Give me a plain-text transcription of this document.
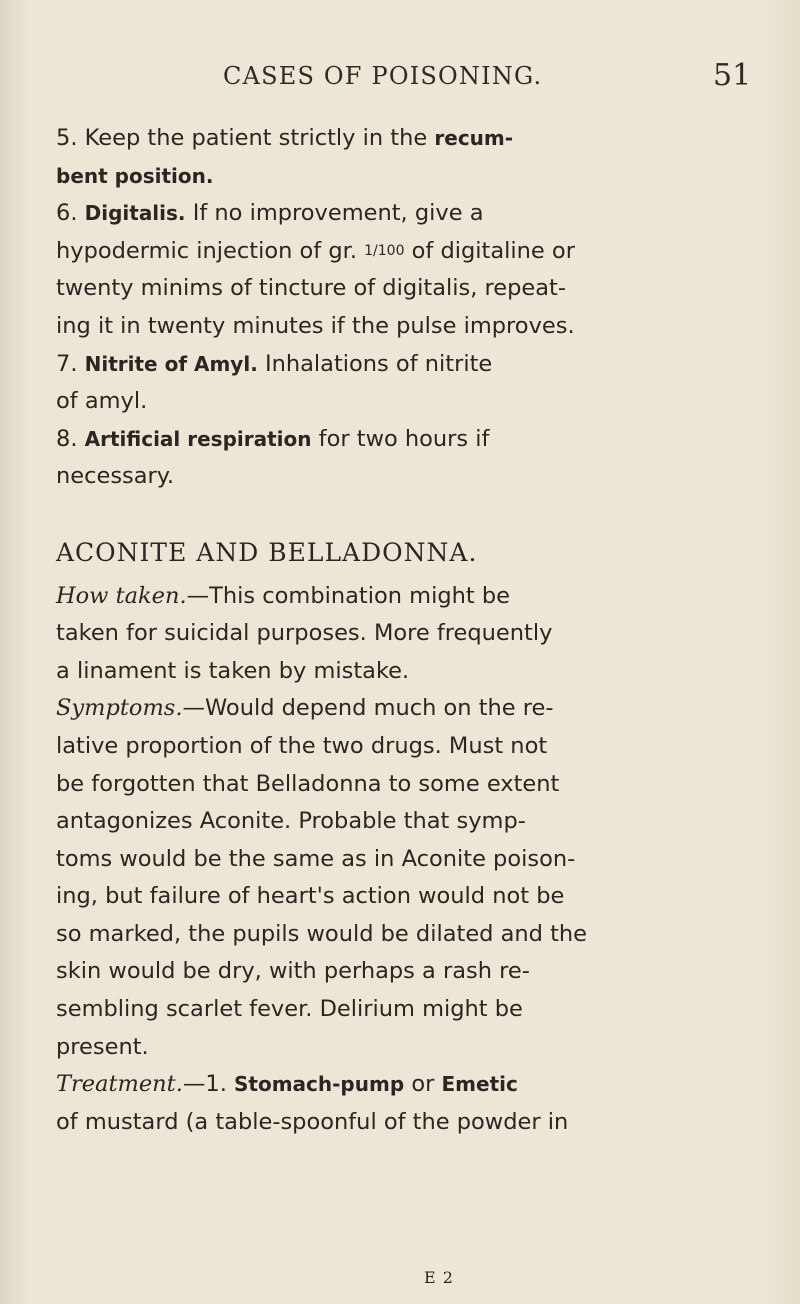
CASES OF POISONING.	51
5. Keep the patient strictly in the recum-
bent position.
6. Digitalis. If no improvement, give a
hypodermic injection of gr. 1/100 of digitaline or
twenty minims of tincture of digitalis, repeat-
ing it in twenty minutes if the pulse improves.
7. Nitrite of Amyl. Inhalations of nitrite
of amyl.
8. Artificial respiration for two hours if
necessary.
ACONITE AND BELLADONNA.
How taken.—This combination might be
taken for suicidal purposes. More frequently
a linament is taken by mistake.
Symptoms.—Would depend much on the re-
lative proportion of the two drugs. Must not
be forgotten that Belladonna to some extent
antagonizes Aconite. Probable that symp-
toms would be the same as in Aconite poison-
ing, but failure of heart's action would not be
so marked, the pupils would be dilated and the
skin would be dry, with perhaps a rash re-
sembling scarlet fever. Delirium might be
present.
Treatment.—1. Stomach-pump or Emetic
of mustard (a table-spoonful of the powder in
E 2
